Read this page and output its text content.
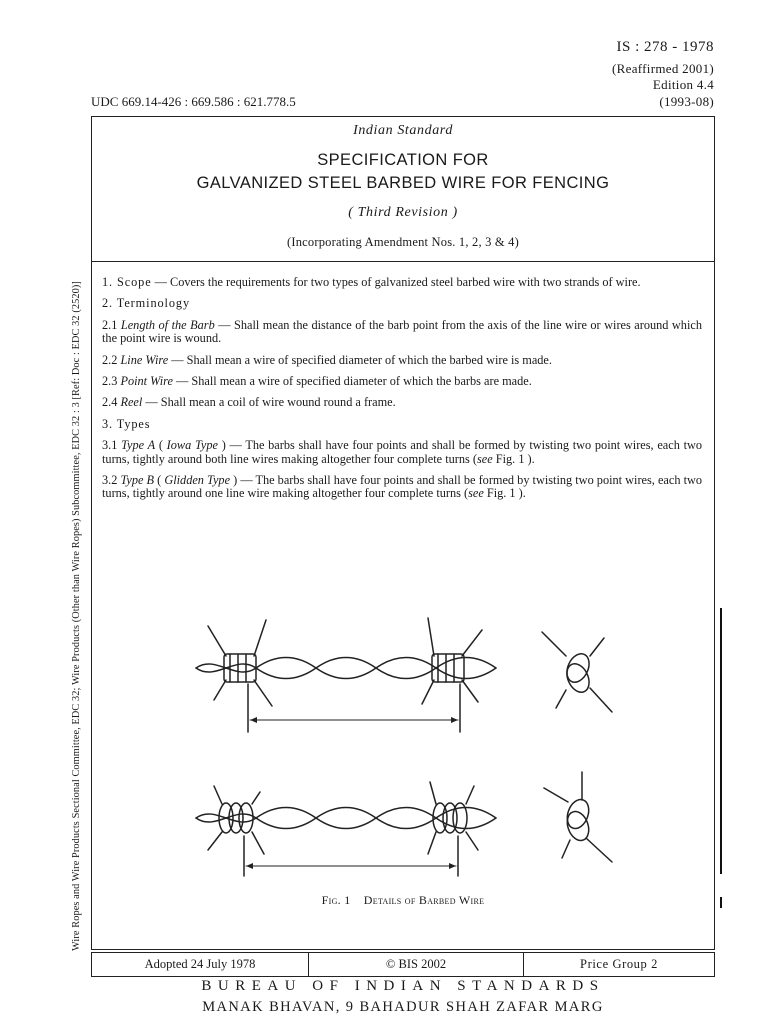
IS : 278 - 1978
(Reaffirmed 2001)
Edition 4.4
(1993-08)
UDC 669.14-426 : 669.586 : 621.778.5
Wire Ropes and Wire Products Sectional Committee, EDC 32; Wire Products (Other than Wire Ropes) Subcommittee, EDC 32 : 3 [Ref: Doc : EDC 32 (2520)]
Indian Standard
SPECIFICATION FOR
GALVANIZED STEEL BARBED WIRE FOR FENCING
( Third Revision )
(Incorporating Amendment Nos. 1, 2, 3 & 4)

1. Scope — Covers the requirements for two types of galvanized steel barbed wire with two strands of wire.

2. Terminology

2.1 Length of the Barb — Shall mean the distance of the barb point from the axis of the line wire or wires around which the point wire is wound.

2.2 Line Wire — Shall mean a wire of specified diameter of which the barbed wire is made.

2.3 Point Wire — Shall mean a wire of specified diameter of which the barbs are made.

2.4 Reel — Shall mean a coil of wire wound round a frame.

3. Types

3.1 Type A ( Iowa Type ) — The barbs shall have four points and shall be formed by twisting two point wires, each two turns, tightly around both line wires making altogether four complete turns (see Fig. 1 ).

3.2 Type B ( Glidden Type ) — The barbs shall have four points and shall be formed by twisting two point wires, each two turns, tightly around one line wire making altogether four complete turns (see Fig. 1 ).

Fig. 1 Details of Barbed Wire
Adopted 24 July 1978	© BIS 2002	Price Group 2
BUREAU OF INDIAN STANDARDS
MANAK BHAVAN, 9 BAHADUR SHAH ZAFAR MARG
